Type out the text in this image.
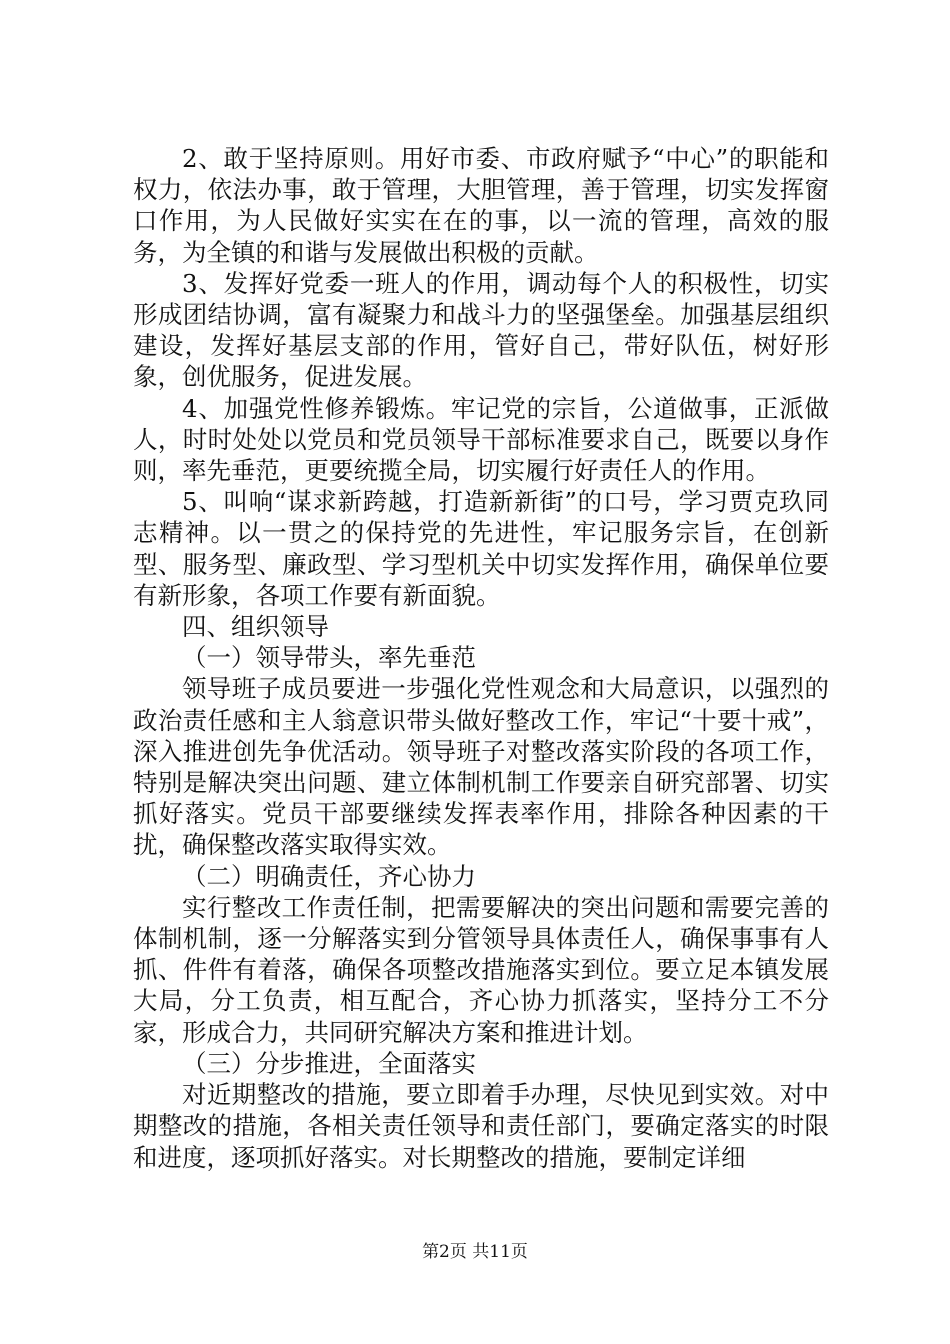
2、敢于坚持原则。用好市委、市政府赋予“中心”的职能和权力，依法办事，敢于管理，大胆管理，善于管理，切实发挥窗口作用，为人民做好实实在在的事，以一流的管理，高效的服务，为全镇的和谐与发展做出积极的贡献。

3、发挥好党委一班人的作用，调动每个人的积极性，切实形成团结协调，富有凝聚力和战斗力的坚强堡垒。加强基层组织建设，发挥好基层支部的作用，管好自己，带好队伍，树好形象，创优服务，促进发展。

4、加强党性修养锻炼。牢记党的宗旨，公道做事，正派做人，时时处处以党员和党员领导干部标准要求自己，既要以身作则，率先垂范，更要统揽全局，切实履行好责任人的作用。

5、叫响“谋求新跨越，打造新新街”的口号，学习贾克玖同志精神。以一贯之的保持党的先进性，牢记服务宗旨，在创新型、服务型、廉政型、学习型机关中切实发挥作用，确保单位要有新形象，各项工作要有新面貌。

四、组织领导

（一）领导带头，率先垂范

领导班子成员要进一步强化党性观念和大局意识，以强烈的政治责任感和主人翁意识带头做好整改工作，牢记“十要十戒”，深入推进创先争优活动。领导班子对整改落实阶段的各项工作，特别是解决突出问题、建立体制机制工作要亲自研究部署、切实抓好落实。党员干部要继续发挥表率作用，排除各种因素的干扰，确保整改落实取得实效。

（二）明确责任，齐心协力

实行整改工作责任制，把需要解决的突出问题和需要完善的体制机制，逐一分解落实到分管领导具体责任人，确保事事有人抓、件件有着落，确保各项整改措施落实到位。要立足本镇发展大局，分工负责，相互配合，齐心协力抓落实，坚持分工不分家，形成合力，共同研究解决方案和推进计划。

（三）分步推进，全面落实

对近期整改的措施，要立即着手办理，尽快见到实效。对中期整改的措施，各相关责任领导和责任部门，要确定落实的时限和进度，逐项抓好落实。对长期整改的措施，要制定详细

第2页 共11页
